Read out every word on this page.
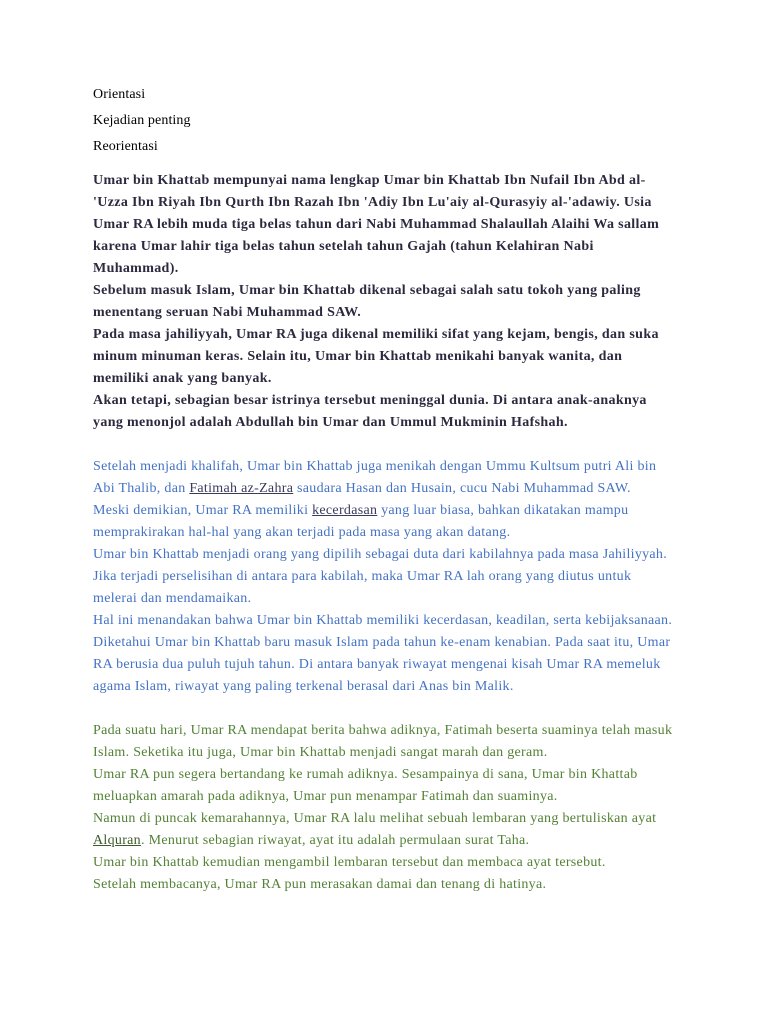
Orientasi
Kejadian penting
Reorientasi

Umar bin Khattab mempunyai nama lengkap Umar bin Khattab Ibn Nufail Ibn Abd al-'Uzza Ibn Riyah Ibn Qurth Ibn Razah Ibn 'Adiy Ibn Lu'aiy al-Qurasyiy al-'adawiy. Usia Umar RA lebih muda tiga belas tahun dari Nabi Muhammad Shalaullah Alaihi Wa sallam karena Umar lahir tiga belas tahun setelah tahun Gajah (tahun Kelahiran Nabi Muhammad).

Sebelum masuk Islam, Umar bin Khattab dikenal sebagai salah satu tokoh yang paling menentang seruan Nabi Muhammad SAW.

Pada masa jahiliyyah, Umar RA juga dikenal memiliki sifat yang kejam, bengis, dan suka minum minuman keras. Selain itu, Umar bin Khattab menikahi banyak wanita, dan memiliki anak yang banyak.

Akan tetapi, sebagian besar istrinya tersebut meninggal dunia. Di antara anak-anaknya yang menonjol adalah Abdullah bin Umar dan Ummul Mukminin Hafshah.

Setelah menjadi khalifah, Umar bin Khattab juga menikah dengan Ummu Kultsum putri Ali bin Abi Thalib, dan Fatimah az-Zahra saudara Hasan dan Husain, cucu Nabi Muhammad SAW.

Meski demikian, Umar RA memiliki kecerdasan yang luar biasa, bahkan dikatakan mampu memprakirakan hal-hal yang akan terjadi pada masa yang akan datang.

Umar bin Khattab menjadi orang yang dipilih sebagai duta dari kabilahnya pada masa Jahiliyyah. Jika terjadi perselisihan di antara para kabilah, maka Umar RA lah orang yang diutus untuk melerai dan mendamaikan.

Hal ini menandakan bahwa Umar bin Khattab memiliki kecerdasan, keadilan, serta kebijaksanaan.

Diketahui Umar bin Khattab baru masuk Islam pada tahun ke-enam kenabian. Pada saat itu, Umar RA berusia dua puluh tujuh tahun. Di antara banyak riwayat mengenai kisah Umar RA memeluk agama Islam, riwayat yang paling terkenal berasal dari Anas bin Malik.

Pada suatu hari, Umar RA mendapat berita bahwa adiknya, Fatimah beserta suaminya telah masuk Islam. Seketika itu juga, Umar bin Khattab menjadi sangat marah dan geram.

Umar RA pun segera bertandang ke rumah adiknya. Sesampainya di sana, Umar bin Khattab meluapkan amarah pada adiknya, Umar pun menampar Fatimah dan suaminya.

Namun di puncak kemarahannya, Umar RA lalu melihat sebuah lembaran yang bertuliskan ayat Alquran. Menurut sebagian riwayat, ayat itu adalah permulaan surat Taha.

Umar bin Khattab kemudian mengambil lembaran tersebut dan membaca ayat tersebut.

Setelah membacanya, Umar RA pun merasakan damai dan tenang di hatinya.
